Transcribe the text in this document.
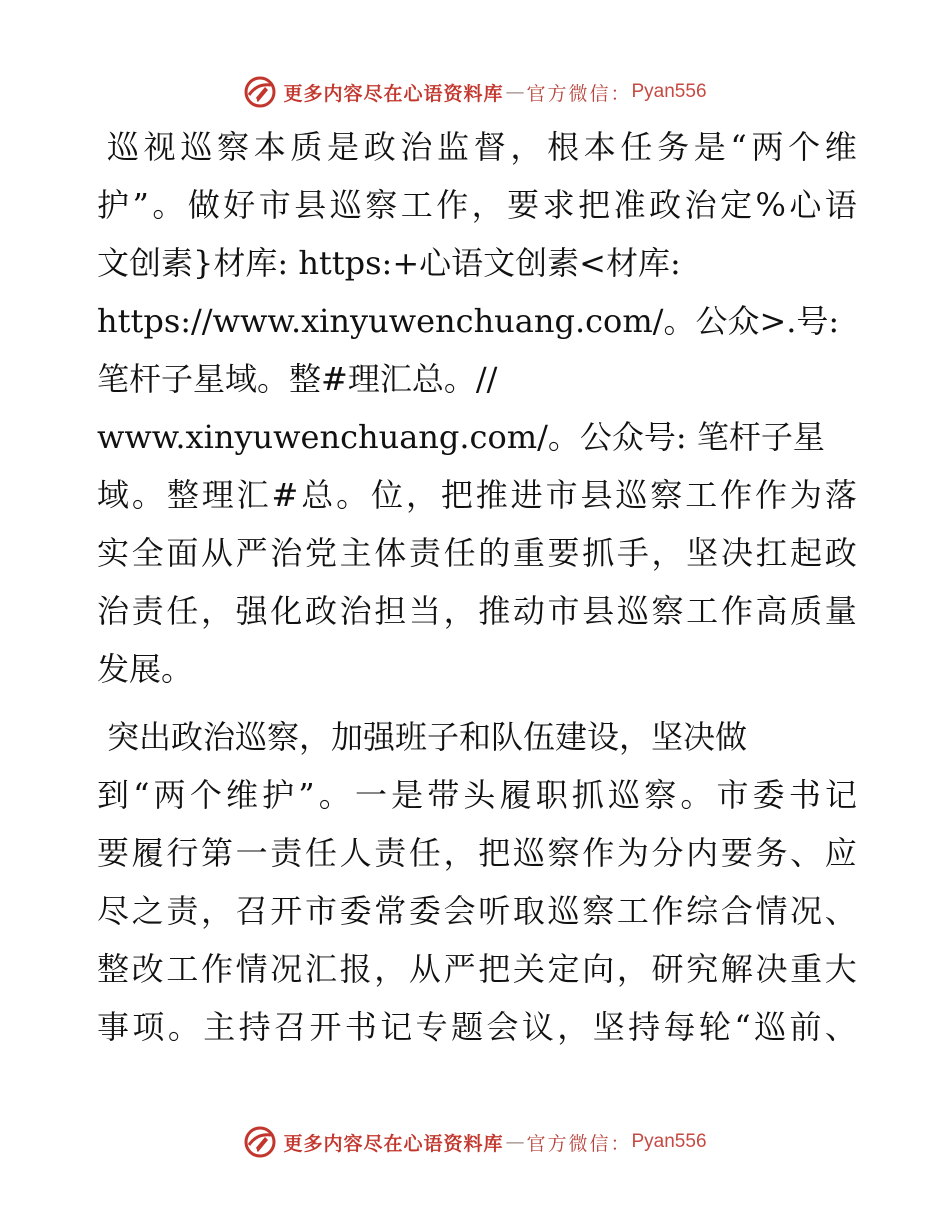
更多内容尽在心语资料库 — 官方微信： Pyan556
巡 视 巡 察 本 质 是 政 治 监 督 ， 根 本 任 务 是 “ 两 个 维
护 ” 。 做 好 市 县 巡 察 工 作 ， 要 求 把 准 政 治 定 % 心 语
文创素}材库: https:+心语文创素<材库:
https://www.xinyuwenchuang.com/。公众>.号:
笔杆子星域。整#理汇总。//
www.xinyuwenchuang.com/。公众号: 笔杆子星
域 。 整 理 汇 # 总 。 位 ， 把 推 进 市 县 巡 察 工 作 作 为 落
实 全 面 从 严 治 党 主 体 责 任 的 重 要 抓 手 ， 坚 决 扛 起 政
治 责 任 ， 强 化 政 治 担 当 ， 推 动 市 县 巡 察 工 作 高 质 量
发展。
突出政治巡察，加强班子和队伍建设，坚决做
到 “ 两 个 维 护 ” 。 一 是 带 头 履 职 抓 巡 察 。 市 委 书 记
要 履 行 第 一 责 任 人 责 任 ， 把 巡 察 作 为 分 内 要 务 、 应
尽 之 责 ， 召 开 市 委 常 委 会 听 取 巡 察 工 作 综 合 情 况 、
整 改 工 作 情 况 汇 报 ， 从 严 把 关 定 向 ， 研 究 解 决 重 大
事 项 。 主 持 召 开 书 记 专 题 会 议 ， 坚 持 每 轮 “ 巡 前 、
更多内容尽在心语资料库 — 官方微信： Pyan556
